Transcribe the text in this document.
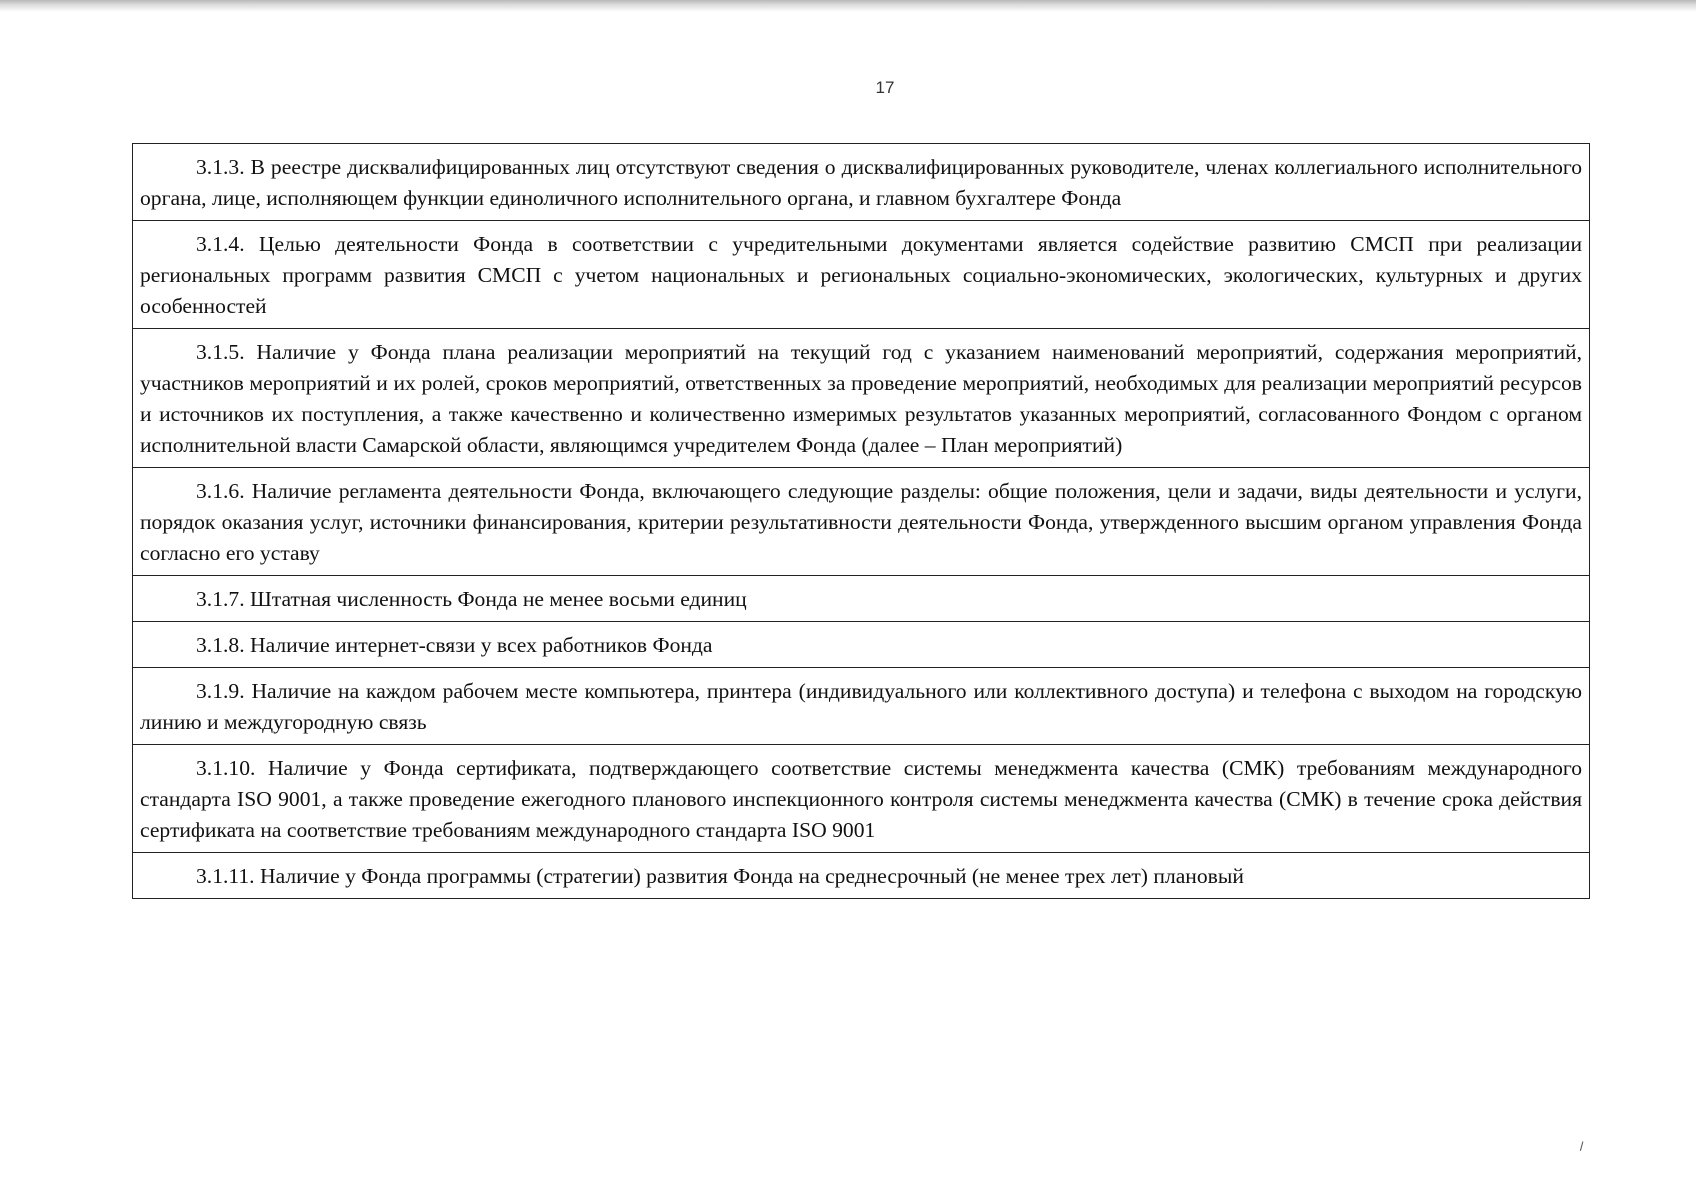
17
3.1.3. В реестре дисквалифицированных лиц отсутствуют сведения о дисквалифицированных руководителе, членах коллегиального исполнительного органа, лице, исполняющем функции единоличного исполнительного органа, и главном бухгалтере Фонда
3.1.4. Целью деятельности Фонда в соответствии с учредительными документами является содействие развитию СМСП при реализации региональных программ развития СМСП с учетом национальных и региональных социально-экономических, экологических, культурных и других особенностей
3.1.5. Наличие у Фонда плана реализации мероприятий на текущий год с указанием наименований мероприятий, содержания мероприятий, участников мероприятий и их ролей, сроков мероприятий, ответственных за проведение мероприятий, необходимых для реализации мероприятий ресурсов и источников их поступления, а также качественно и количественно измеримых результатов указанных мероприятий, согласованного Фондом с органом исполнительной власти Самарской области, являющимся учредителем Фонда (далее – План мероприятий)
3.1.6. Наличие регламента деятельности Фонда, включающего следующие разделы: общие положения, цели и задачи, виды деятельности и услуги, порядок оказания услуг, источники финансирования, критерии результативности деятельности Фонда, утвержденного высшим органом управления Фонда согласно его уставу
3.1.7. Штатная численность Фонда не менее восьми единиц
3.1.8. Наличие интернет-связи у всех работников Фонда
3.1.9. Наличие на каждом рабочем месте компьютера, принтера (индивидуального или коллективного доступа) и телефона с выходом на городскую линию и междугородную связь
3.1.10. Наличие у Фонда сертификата, подтверждающего соответствие системы менеджмента качества (СМК) требованиям международного стандарта ISO 9001, а также проведение ежегодного планового инспекционного контроля системы менеджмента качества (СМК) в течение срока действия сертификата на соответствие требованиям международного стандарта ISO 9001
3.1.11. Наличие у Фонда программы (стратегии) развития Фонда на среднесрочный (не менее трех лет) плановый
⸝
